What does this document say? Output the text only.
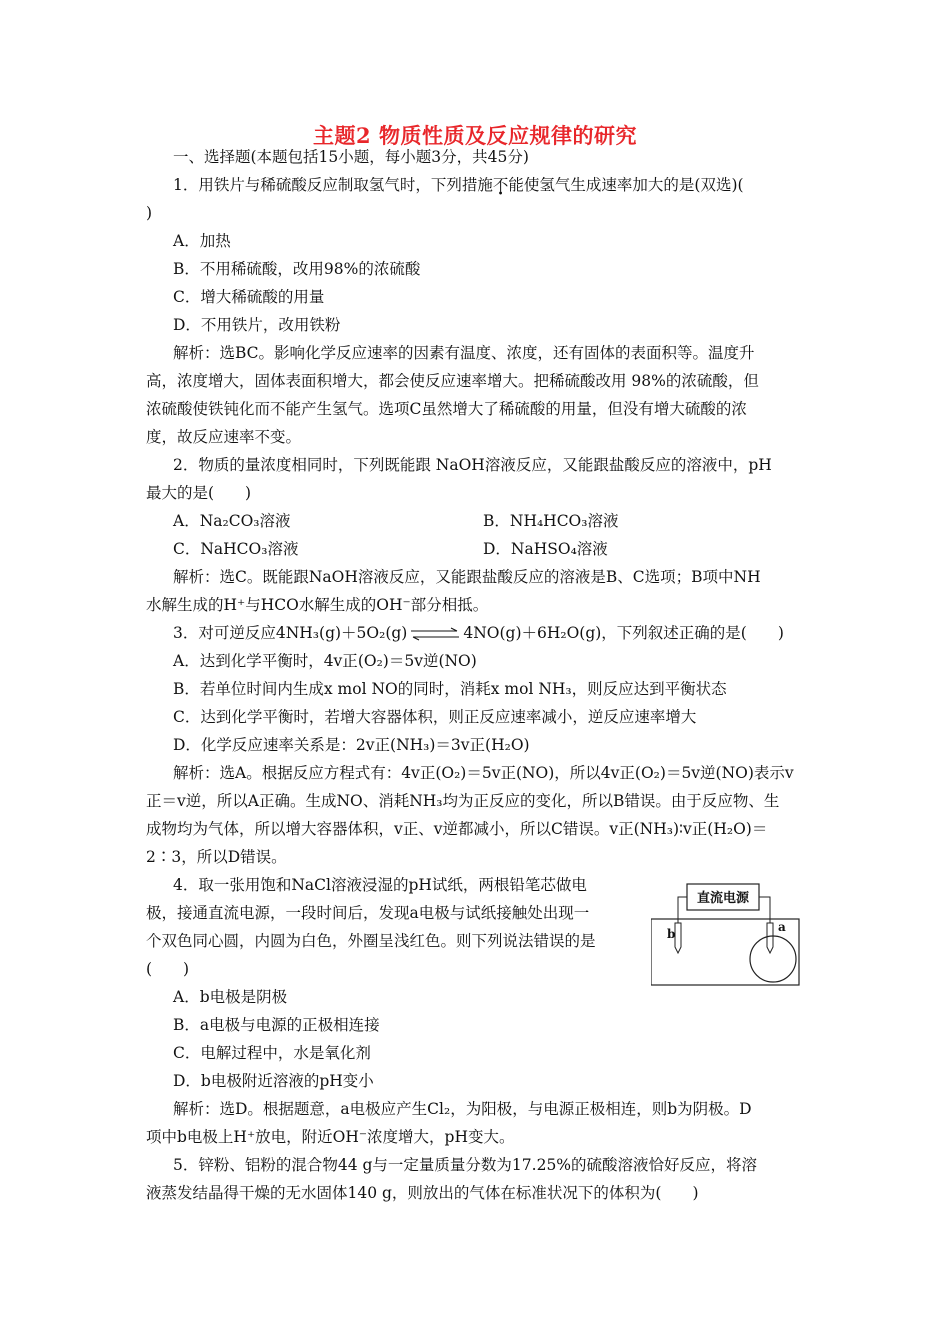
主题2 物质性质及反应规律的研究
一、选择题(本题包括15小题，每小题3分，共45分)
1．用铁片与稀硫酸反应制取氢气时，下列措施不能使氢气生成速率加大的是(双选)(
)
A．加热
B．不用稀硫酸，改用98%的浓硫酸
C．增大稀硫酸的用量
D．不用铁片，改用铁粉
解析：选BC。影响化学反应速率的因素有温度、浓度，还有固体的表面积等。温度升
高，浓度增大，固体表面积增大，都会使反应速率增大。把稀硫酸改用 98%的浓硫酸，但
浓硫酸使铁钝化而不能产生氢气。选项C虽然增大了稀硫酸的用量，但没有增大硫酸的浓
度，故反应速率不变。
2．物质的量浓度相同时，下列既能跟 NaOH溶液反应，又能跟盐酸反应的溶液中，pH
最大的是(　　)
A．Na₂CO₃溶液	B．NH₄HCO₃溶液
C．NaHCO₃溶液	D．NaHSO₄溶液
解析：选C。既能跟NaOH溶液反应，又能跟盐酸反应的溶液是B、C选项；B项中NH
水解生成的H⁺与HCO水解生成的OH⁻部分相抵。
3．对可逆反应4NH₃(g)＋5O₂(g) ⇌ 4NO(g)＋6H₂O(g)，下列叙述正确的是(　　)
A．达到化学平衡时，4v正(O₂)＝5v逆(NO)
B．若单位时间内生成x mol NO的同时，消耗x mol NH₃，则反应达到平衡状态
C．达到化学平衡时，若增大容器体积，则正反应速率减小，逆反应速率增大
D．化学反应速率关系是：2v正(NH₃)＝3v正(H₂O)
解析：选A。根据反应方程式有：4v正(O₂)＝5v正(NO)，所以4v正(O₂)＝5v逆(NO)表示v
正＝v逆，所以A正确。生成NO、消耗NH₃均为正反应的变化，所以B错误。由于反应物、生
成物均为气体，所以增大容器体积，v正、v逆都减小，所以C错误。v正(NH₃)∶v正(H₂O)＝
2∶3，所以D错误。
4．取一张用饱和NaCl溶液浸湿的pH试纸，两根铅笔芯做电
极，接通直流电源，一段时间后，发现a电极与试纸接触处出现一
个双色同心圆，内圆为白色，外圈呈浅红色。则下列说法错误的是
(　　)
直流电源
b	a
A．b电极是阴极
B．a电极与电源的正极相连接
C．电解过程中，水是氧化剂
D．b电极附近溶液的pH变小
解析：选D。根据题意，a电极应产生Cl₂，为阳极，与电源正极相连，则b为阴极。D
项中b电极上H⁺放电，附近OH⁻浓度增大，pH变大。
5．锌粉、铝粉的混合物44 g与一定量质量分数为17.25%的硫酸溶液恰好反应，将溶
液蒸发结晶得干燥的无水固体140 g，则放出的气体在标准状况下的体积为(　　)
